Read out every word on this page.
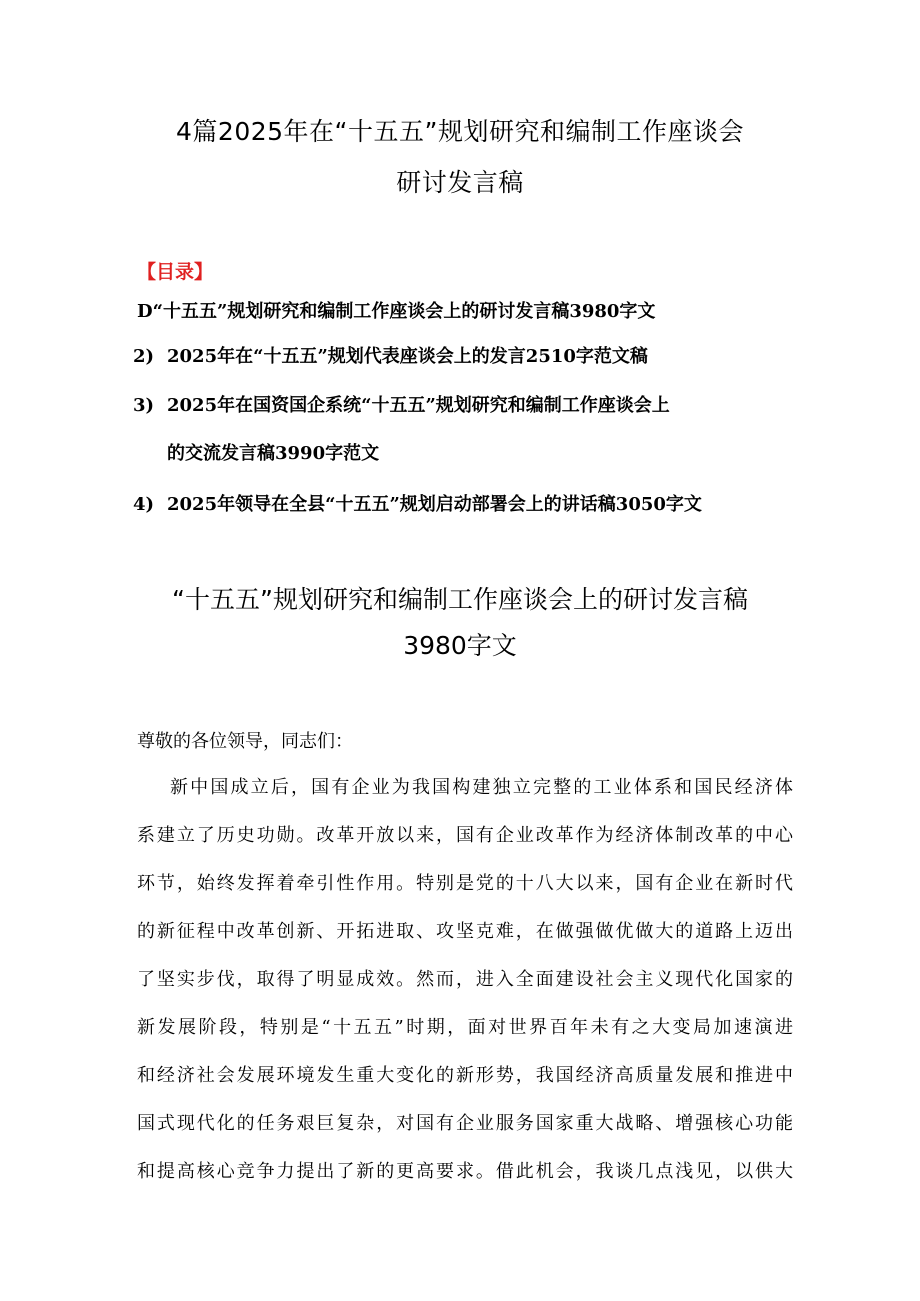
4篇2025年在“十五五”规划研究和编制工作座谈会
研讨发言稿
【目录】
D“十五五”规划研究和编制工作座谈会上的研讨发言稿3980字文
2) 2025年在“十五五”规划代表座谈会上的发言2510字范文稿
3) 2025年在国资国企系统“十五五”规划研究和编制工作座谈会上
的交流发言稿3990字范文
4) 2025年领导在全县“十五五”规划启动部署会上的讲话稿3050字文
“十五五”规划研究和编制工作座谈会上的研讨发言稿
3980字文
尊敬的各位领导，同志们：
新中国成立后，国有企业为我国构建独立完整的工业体系和国民经济体
系建立了历史功勋。改革开放以来，国有企业改革作为经济体制改革的中心
环节，始终发挥着牵引性作用。特别是党的十八大以来，国有企业在新时代
的新征程中改革创新、开拓进取、攻坚克难，在做强做优做大的道路上迈出
了坚实步伐，取得了明显成效。然而，进入全面建设社会主义现代化国家的
新发展阶段，特别是“十五五”时期，面对世界百年未有之大变局加速演进
和经济社会发展环境发生重大变化的新形势，我国经济高质量发展和推进中
国式现代化的任务艰巨复杂，对国有企业服务国家重大战略、增强核心功能
和提高核心竞争力提出了新的更高要求。借此机会，我谈几点浅见，以供大
